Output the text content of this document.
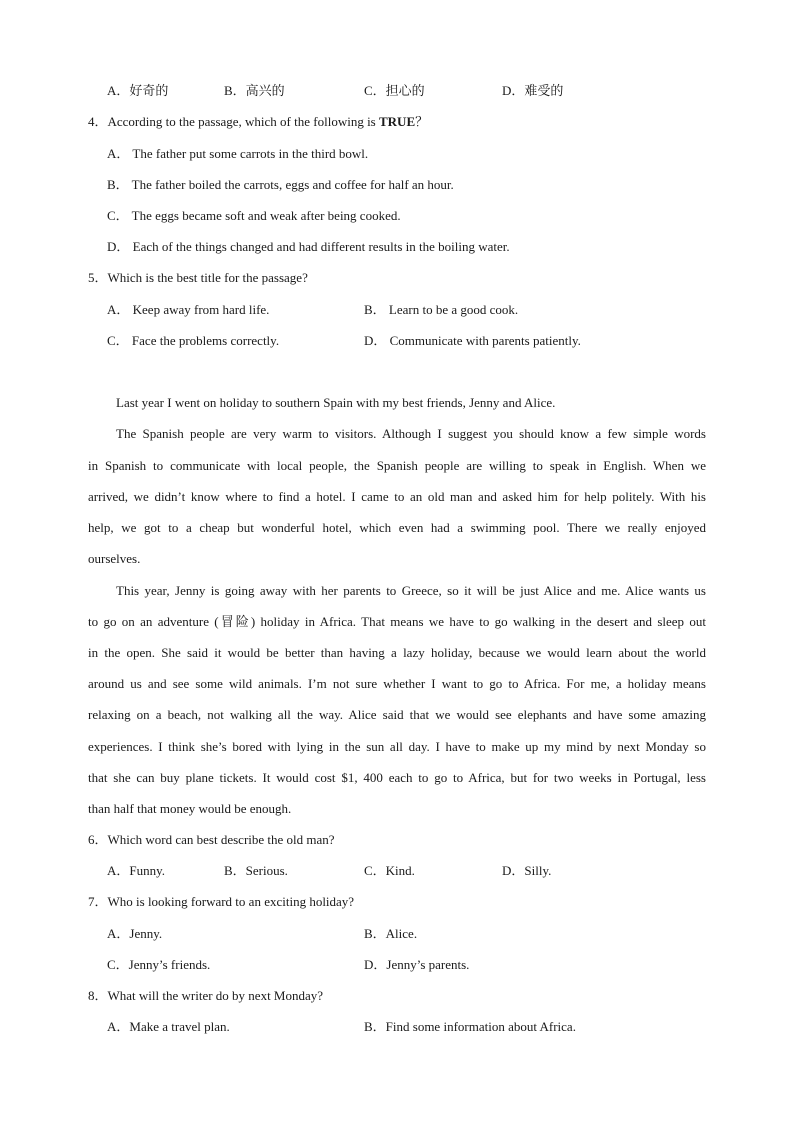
A．好奇的	B．高兴的	C．担心的	D．难受的
4．According to the passage, which of the following is TRUE？
A． The father put some carrots in the third bowl.
B． The father boiled the carrots, eggs and coffee for half an hour.
C． The eggs became soft and weak after being cooked.
D． Each of the things changed and had different results in the boiling water.
5．Which is the best title for the passage?
A． Keep away from hard life.	B． Learn to be a good cook.
C． Face the problems correctly.	D． Communicate with parents patiently.
Last year I went on holiday to southern Spain with my best friends, Jenny and Alice.
The Spanish people are very warm to visitors. Although I suggest you should know a few simple words
in Spanish to communicate with local people, the Spanish people are willing to speak in English. When we
arrived, we didn’t know where to find a hotel. I came to an old man and asked him for help politely. With his
help, we got to a cheap but wonderful hotel, which even had a swimming pool. There we really enjoyed
ourselves.
This year, Jenny is going away with her parents to Greece, so it will be just Alice and me. Alice wants us
to go on an adventure (冒险) holiday in Africa. That means we have to go walking in the desert and sleep out
in the open. She said it would be better than having a lazy holiday, because we would learn about the world
around us and see some wild animals. I’m not sure whether I want to go to Africa. For me, a holiday means
relaxing on a beach, not walking all the way. Alice said that we would see elephants and have some amazing
experiences. I think she’s bored with lying in the sun all day. I have to make up my mind by next Monday so
that she can buy plane tickets. It would cost $1, 400 each to go to Africa, but for two weeks in Portugal, less
than half that money would be enough.
6．Which word can best describe the old man?
A．Funny.	B．Serious.	C．Kind.	D．Silly.
7．Who is looking forward to an exciting holiday?
A．Jenny.	B．Alice.
C．Jenny’s friends.	D．Jenny’s parents.
8．What will the writer do by next Monday?
A．Make a travel plan.	B．Find some information about Africa.
